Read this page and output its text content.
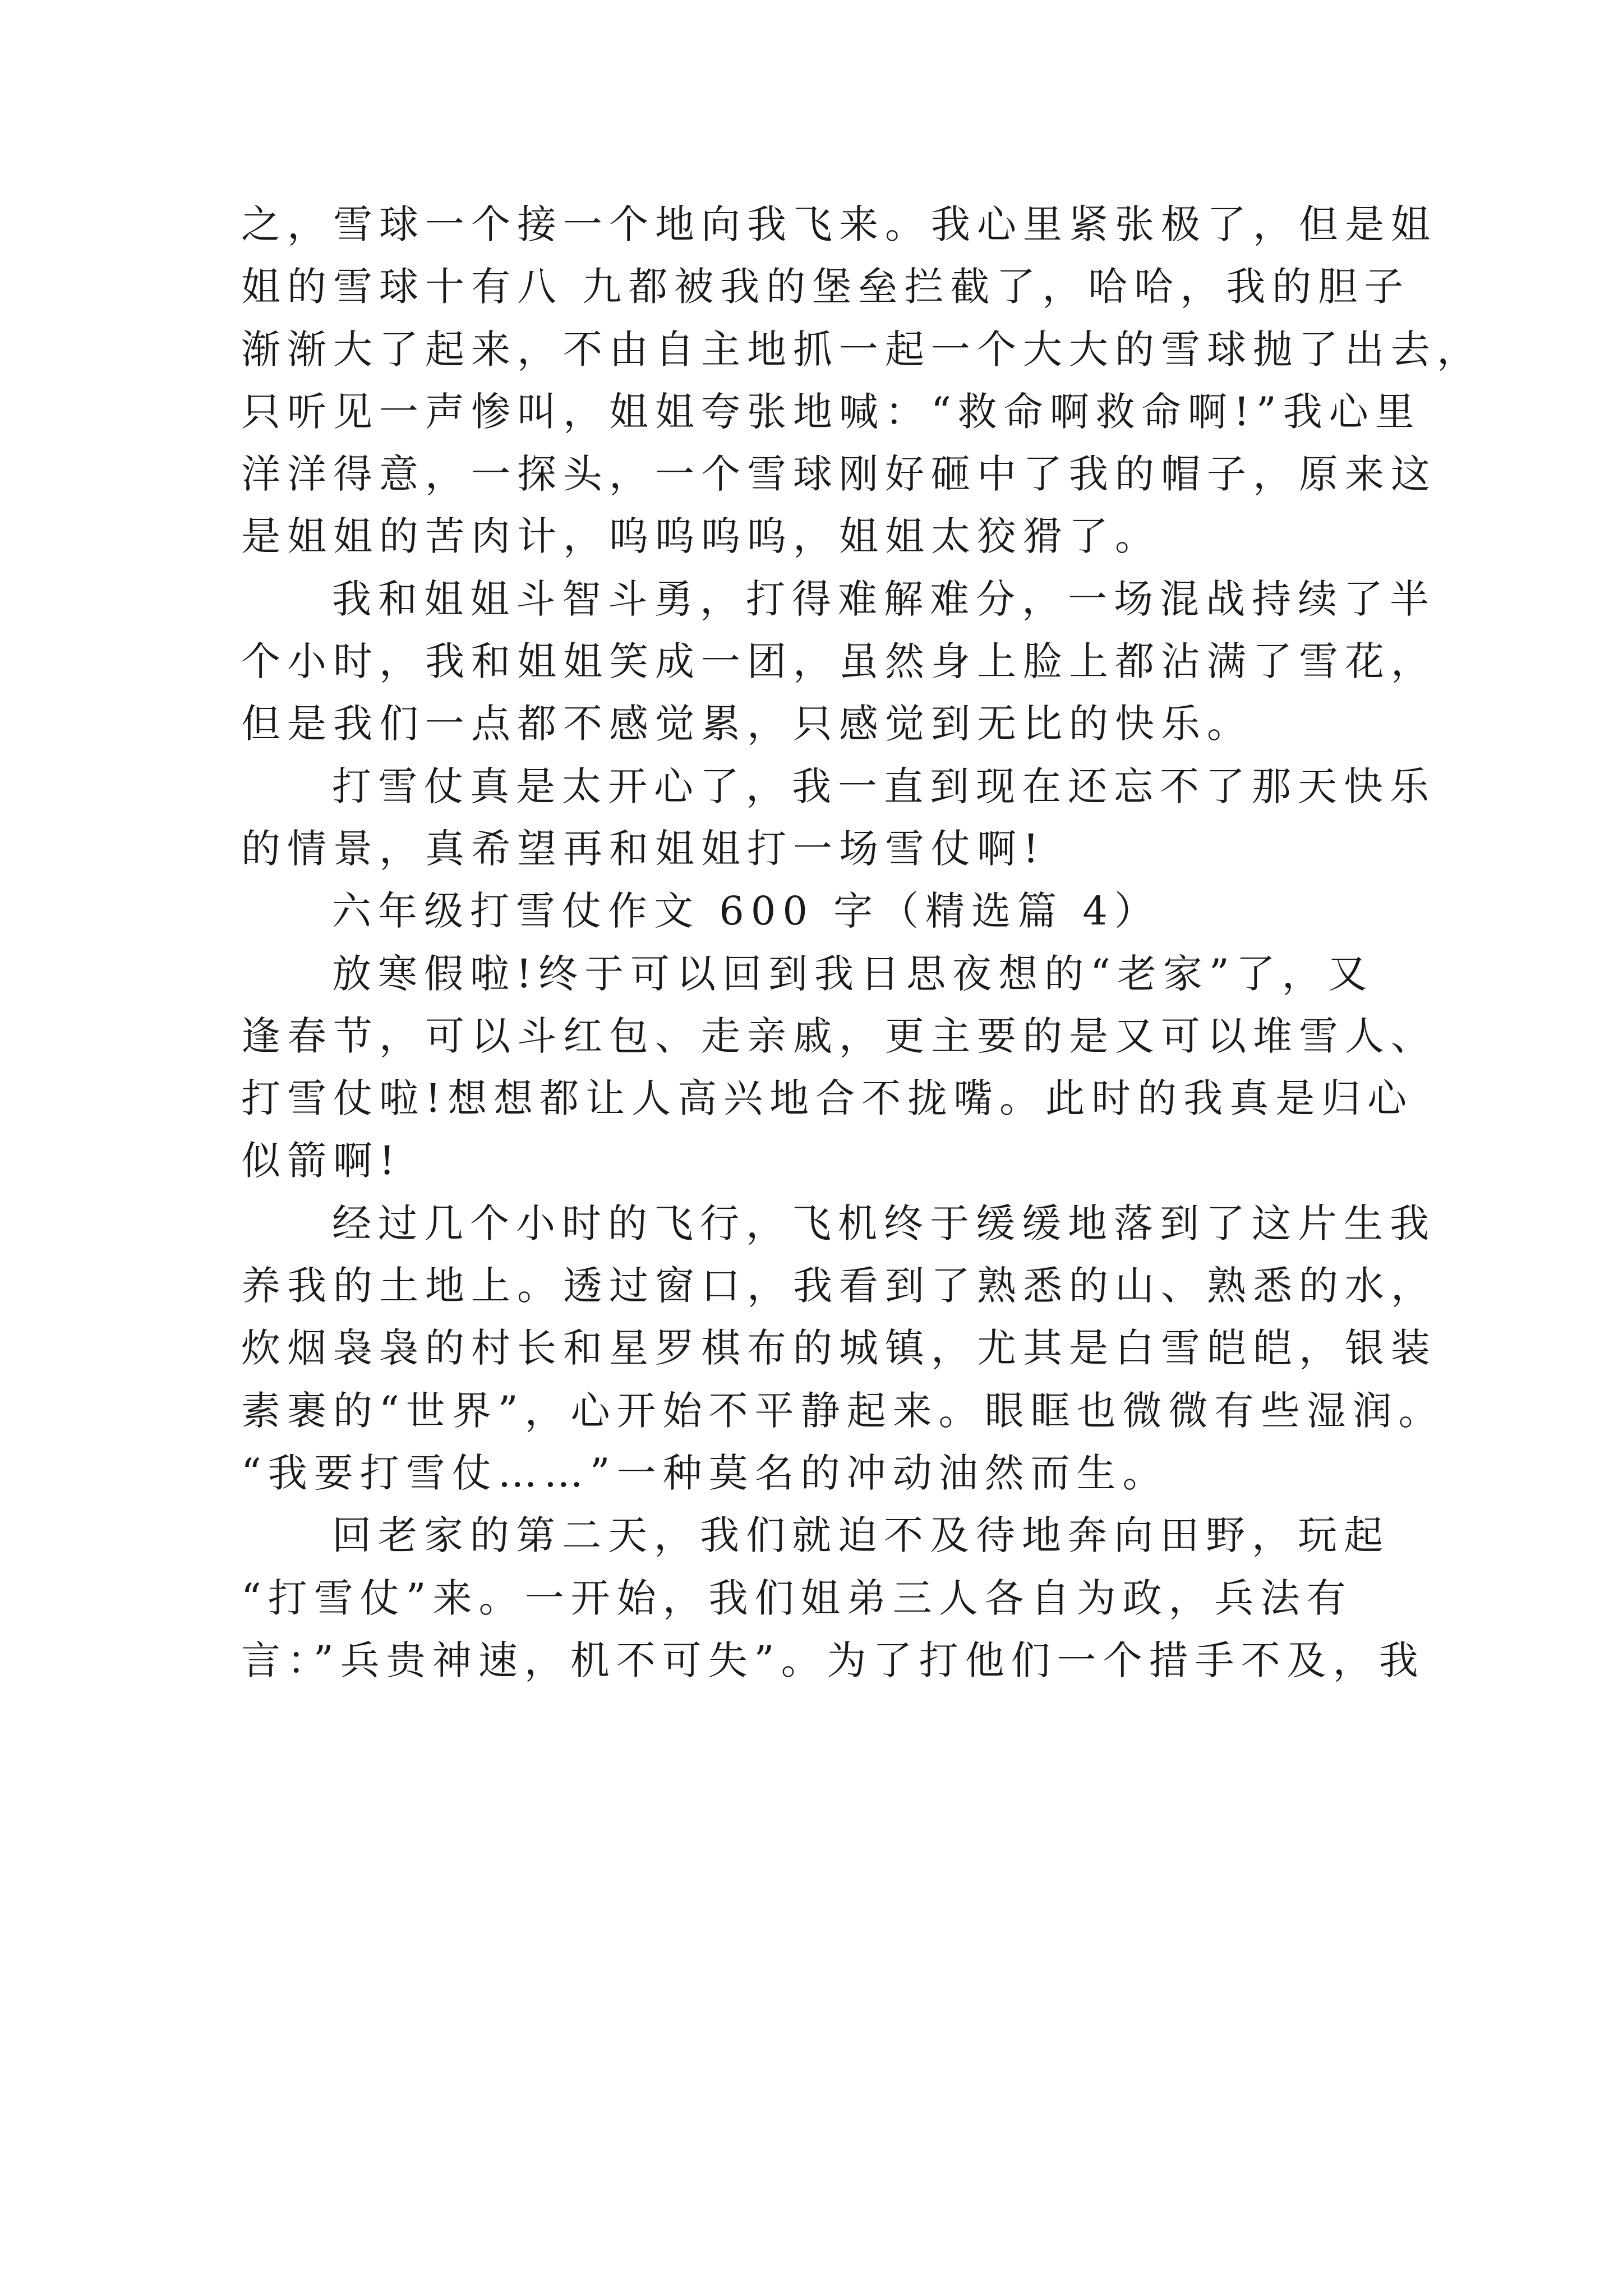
之，雪球一个接一个地向我飞来。我心里紧张极了，但是姐
姐的雪球十有八 九都被我的堡垒拦截了，哈哈，我的胆子
渐渐大了起来，不由自主地抓一起一个大大的雪球抛了出去，
只听见一声惨叫，姐姐夸张地喊：“救命啊救命啊!”我心里
洋洋得意，一探头，一个雪球刚好砸中了我的帽子，原来这
是姐姐的苦肉计，呜呜呜呜，姐姐太狡猾了。
我和姐姐斗智斗勇，打得难解难分，一场混战持续了半
个小时，我和姐姐笑成一团，虽然身上脸上都沾满了雪花，
但是我们一点都不感觉累，只感觉到无比的快乐。
打雪仗真是太开心了，我一直到现在还忘不了那天快乐
的情景，真希望再和姐姐打一场雪仗啊!
六年级打雪仗作文 600 字（精选篇 4）
放寒假啦!终于可以回到我日思夜想的“老家”了，又
逢春节，可以斗红包、走亲戚，更主要的是又可以堆雪人、
打雪仗啦!想想都让人高兴地合不拢嘴。此时的我真是归心
似箭啊!
经过几个小时的飞行，飞机终于缓缓地落到了这片生我
养我的土地上。透过窗口，我看到了熟悉的山、熟悉的水，
炊烟袅袅的村长和星罗棋布的城镇，尤其是白雪皑皑，银装
素裹的“世界”，心开始不平静起来。眼眶也微微有些湿润。
“我要打雪仗……”一种莫名的冲动油然而生。
回老家的第二天，我们就迫不及待地奔向田野，玩起
“打雪仗”来。一开始，我们姐弟三人各自为政，兵法有
言：”兵贵神速，机不可失”。为了打他们一个措手不及，我
